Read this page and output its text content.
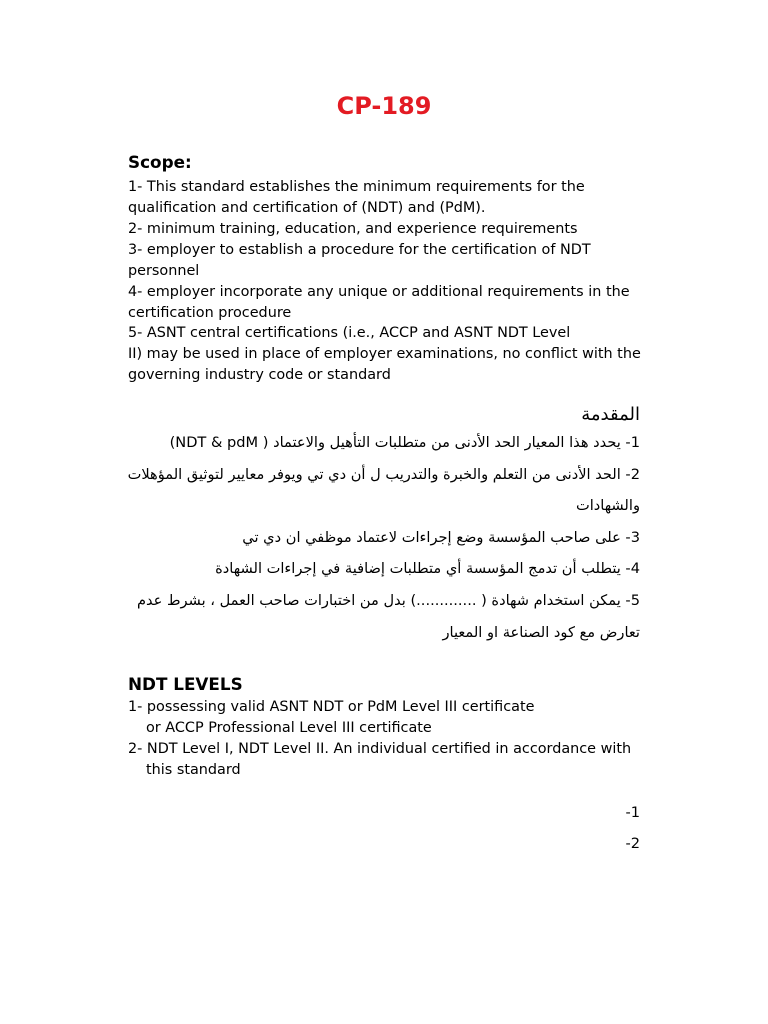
CP-189
Scope:
1- This standard establishes the minimum requirements for the
qualification and certification of (NDT) and (PdM).
2- minimum training, education, and experience requirements
3- employer to establish a procedure for the certification of NDT
personnel
4- employer incorporate any unique or additional requirements in the
certification procedure
5- ASNT central certifications (i.e., ACCP and ASNT NDT Level
II) may be used in place of employer examinations, no conflict with the
governing industry code or standard
المقدمة
1- يحدد هذا المعيار الحد الأدنى من متطلبات التأهيل والاعتماد ( NDT & pdM)
2- الحد الأدنى من التعلم والخبرة والتدريب ل أن دي تي ويوفر معايير لتوثيق المؤهلات
والشهادات
3- على صاحب المؤسسة وضع إجراءات لاعتماد موظفي ان دي تي
4- يتطلب أن تدمج المؤسسة أي متطلبات إضافية في إجراءات الشهادة
5- يمكن استخدام شهادة ( .............) بدل من اختبارات صاحب العمل ، بشرط عدم
تعارض مع كود الصناعة او المعيار
NDT LEVELS
1- possessing valid ASNT NDT or PdM Level III certificate
or ACCP Professional Level III certificate
2- NDT Level I, NDT Level II. An individual certified in accordance with
this standard
-1
-2
